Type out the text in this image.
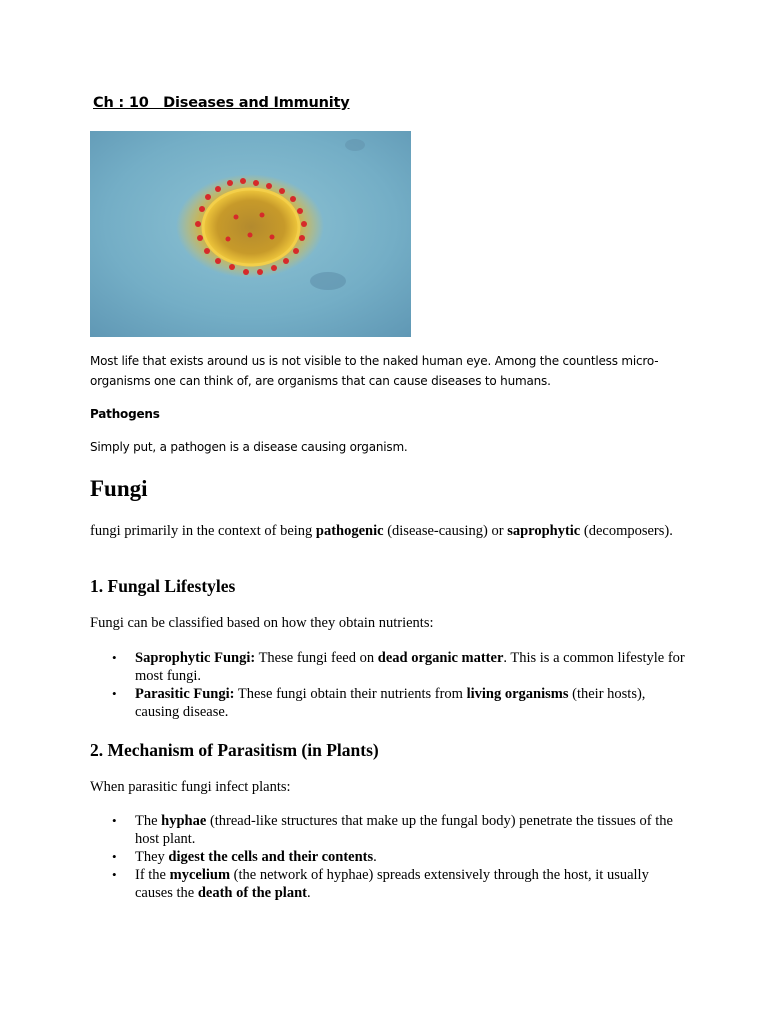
Ch : 10   Diseases and Immunity
Most life that exists around us is not visible to the naked human eye. Among the countless micro-organisms one can think of, are organisms that can cause diseases to humans.
Pathogens
Simply put, a pathogen is a disease causing organism.
Fungi
fungi primarily in the context of being pathogenic (disease-causing) or saprophytic (decomposers).
1. Fungal Lifestyles
Fungi can be classified based on how they obtain nutrients:
• Saprophytic Fungi: These fungi feed on dead organic matter. This is a common lifestyle for most fungi.
• Parasitic Fungi: These fungi obtain their nutrients from living organisms (their hosts), causing disease.
2. Mechanism of Parasitism (in Plants)
When parasitic fungi infect plants:
• The hyphae (thread-like structures that make up the fungal body) penetrate the tissues of the host plant.
• They digest the cells and their contents.
• If the mycelium (the network of hyphae) spreads extensively through the host, it usually causes the death of the plant.
